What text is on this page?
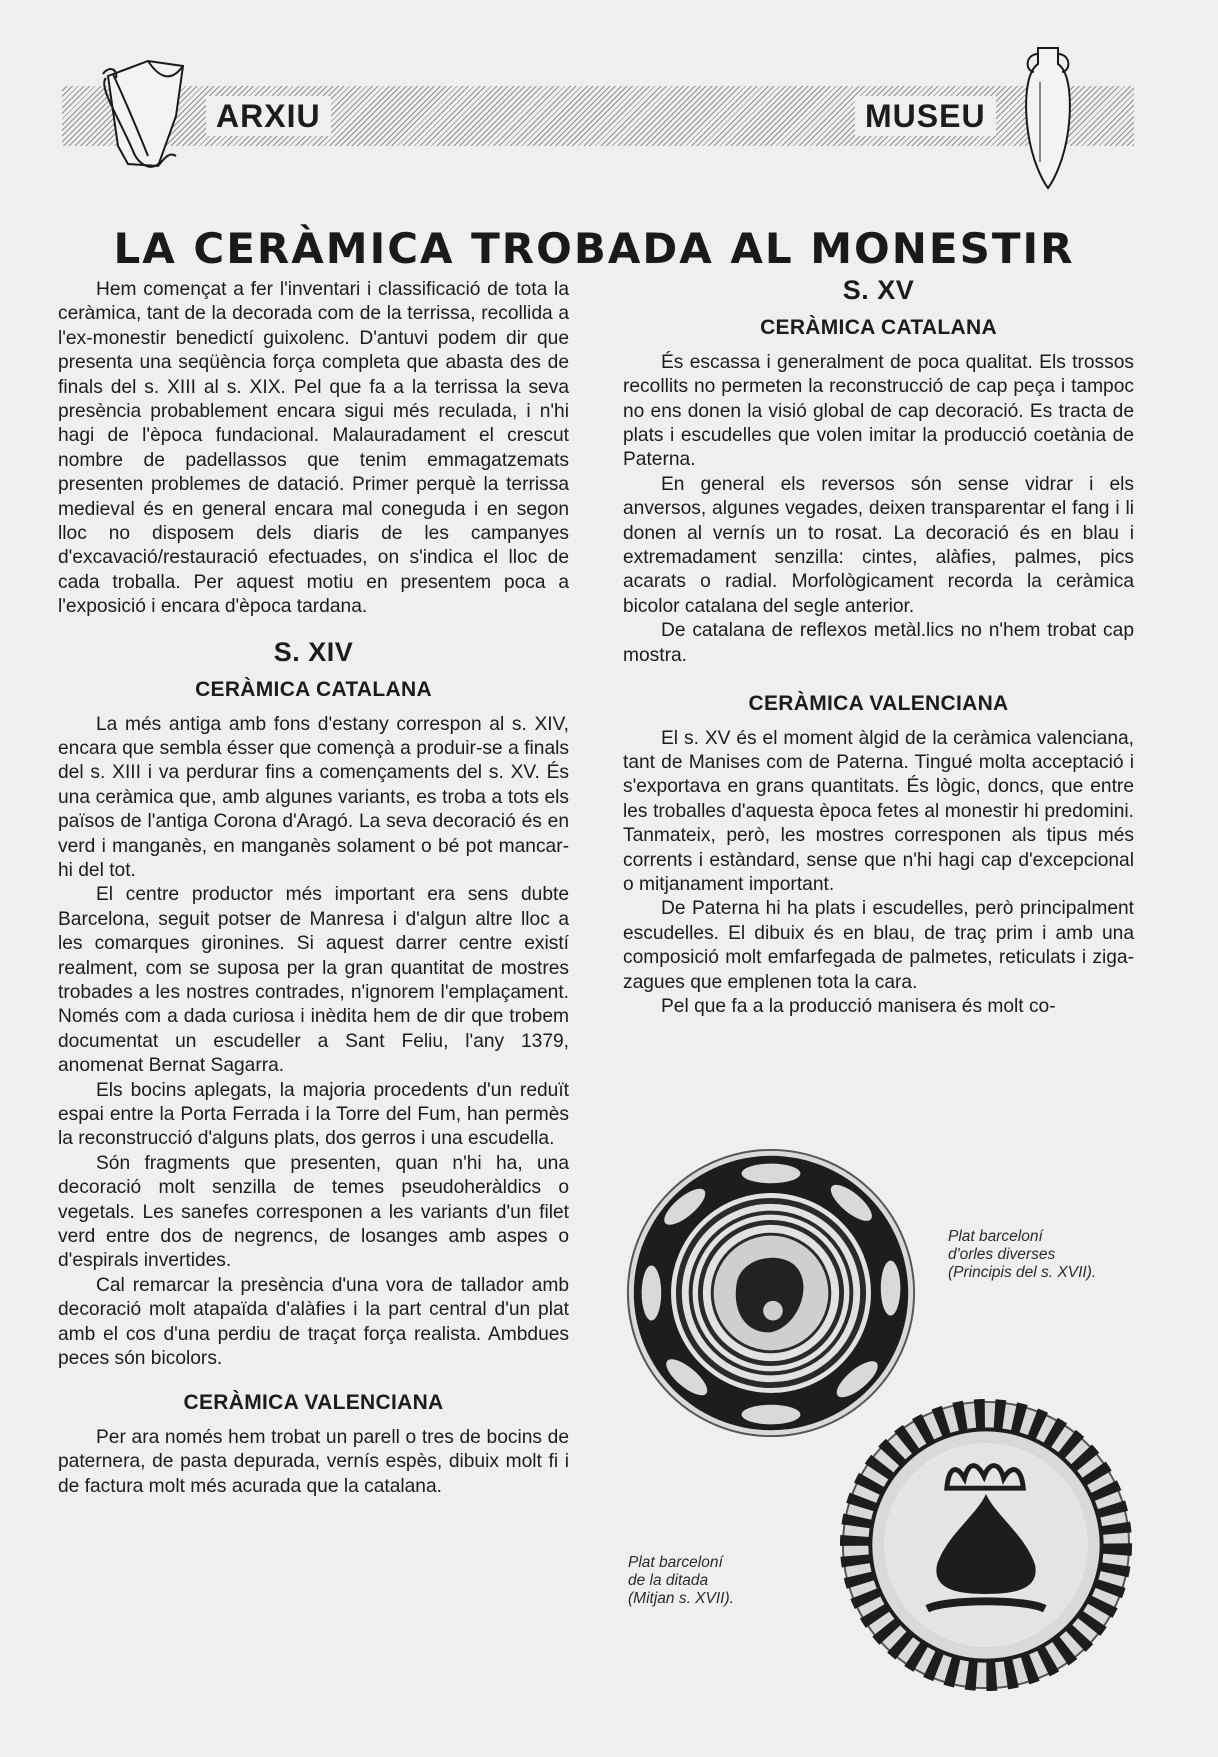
ARXIU	MUSEU
LA CERÀMICA TROBADA AL MONESTIR

Hem començat a fer l'inventari i classificació de tota la ceràmica, tant de la decorada com de la terrissa, recollida a l'ex-monestir benedictí guixolenc. D'antuvi podem dir que presenta una seqüència força completa que abasta des de finals del s. XIII al s. XIX. Pel que fa a la terrissa la seva presència probablement encara sigui més reculada, i n'hi hagi de l'època fundacional. Malauradament el crescut nombre de padellassos que tenim emmagatzemats presenten problemes de datació. Primer perquè la terrissa medieval és en general encara mal coneguda i en segon lloc no disposem dels diaris de les campanyes d'excavació/restauració efectuades, on s'indica el lloc de cada troballa. Per aquest motiu en presentem poca a l'exposició i encara d'època tardana.

S. XIV
CERÀMICA CATALANA

La més antiga amb fons d'estany correspon al s. XIV, encara que sembla ésser que començà a produir-se a finals del s. XIII i va perdurar fins a començaments del s. XV. És una ceràmica que, amb algunes variants, es troba a tots els països de l'antiga Corona d'Aragó. La seva decoració és en verd i manganès, en manganès solament o bé pot mancar-hi del tot.

El centre productor més important era sens dubte Barcelona, seguit potser de Manresa i d'algun altre lloc a les comarques gironines. Si aquest darrer centre existí realment, com se suposa per la gran quantitat de mostres trobades a les nostres contrades, n'ignorem l'emplaçament. Només com a dada curiosa i inèdita hem de dir que trobem documentat un escudeller a Sant Feliu, l'any 1379, anomenat Bernat Sagarra.

Els bocins aplegats, la majoria procedents d'un reduït espai entre la Porta Ferrada i la Torre del Fum, han permès la reconstrucció d'alguns plats, dos gerros i una escudella.

Són fragments que presenten, quan n'hi ha, una decoració molt senzilla de temes pseudoheràldics o vegetals. Les sanefes corresponen a les variants d'un filet verd entre dos de negrencs, de losanges amb aspes o d'espirals invertides.

Cal remarcar la presència d'una vora de tallador amb decoració molt atapaïda d'alàfies i la part central d'un plat amb el cos d'una perdiu de traçat força realista. Ambdues peces són bicolors.

CERÀMICA VALENCIANA

Per ara només hem trobat un parell o tres de bocins de paternera, de pasta depurada, vernís espès, dibuix molt fi i de factura molt més acurada que la catalana.

S. XV
CERÀMICA CATALANA

És escassa i generalment de poca qualitat. Els trossos recollits no permeten la reconstrucció de cap peça i tampoc no ens donen la visió global de cap decoració. Es tracta de plats i escudelles que volen imitar la producció coetània de Paterna.

En general els reversos són sense vidrar i els anversos, algunes vegades, deixen transparentar el fang i li donen al vernís un to rosat. La decoració és en blau i extremadament senzilla: cintes, alàfies, palmes, pics acarats o radial. Morfològicament recorda la ceràmica bicolor catalana del segle anterior.

De catalana de reflexos metàl.lics no n'hem trobat cap mostra.

CERÀMICA VALENCIANA

El s. XV és el moment àlgid de la ceràmica valenciana, tant de Manises com de Paterna. Tingué molta acceptació i s'exportava en grans quantitats. És lògic, doncs, que entre les troballes d'aquesta època fetes al monestir hi predomini. Tanmateix, però, les mostres corresponen als tipus més corrents i estàndard, sense que n'hi hagi cap d'excepcional o mitjanament important.

De Paterna hi ha plats i escudelles, però principalment escudelles. El dibuix és en blau, de traç prim i amb una composició molt emfarfegada de palmetes, reticulats i ziga-zagues que emplenen tota la cara.

Pel que fa a la producció manisera és molt co-

Plat barceloní
d'orles diverses
(Principis del s. XVII).
Plat barceloní
de la ditada
(Mitjan s. XVII).
